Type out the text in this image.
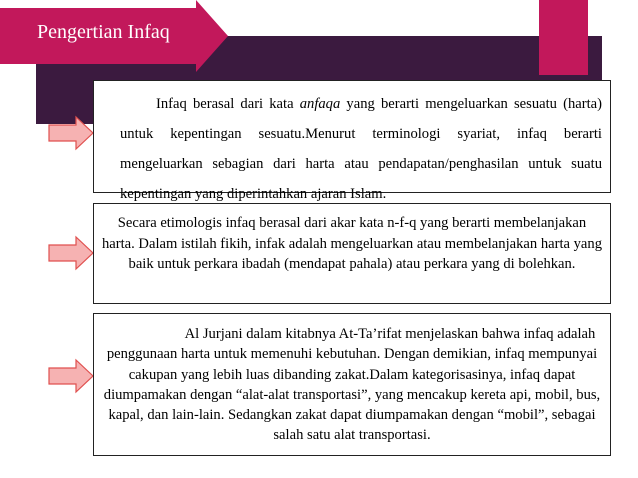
Pengertian Infaq
Infaq berasal dari kata anfaqa yang berarti mengeluarkan sesuatu (harta) untuk kepentingan sesuatu.Menurut terminologi syariat, infaq berarti mengeluarkan sebagian dari harta atau pendapatan/penghasilan untuk suatu kepentingan yang diperintahkan ajaran Islam.
Secara etimologis infaq berasal dari akar kata n-f-q yang berarti membelanjakan harta. Dalam istilah fikih, infak adalah mengeluarkan atau membelanjakan harta yang baik untuk perkara ibadah (mendapat pahala) atau perkara yang di bolehkan.
Al Jurjani dalam kitabnya At-Ta’rifat menjelaskan bahwa infaq adalah penggunaan harta untuk memenuhi kebutuhan. Dengan demikian, infaq mempunyai cakupan yang lebih luas dibanding zakat.Dalam kategorisasinya, infaq dapat diumpamakan dengan “alat-alat transportasi”, yang mencakup kereta api, mobil, bus, kapal, dan lain-lain. Sedangkan zakat dapat diumpamakan dengan “mobil”, sebagai salah satu alat transportasi.
